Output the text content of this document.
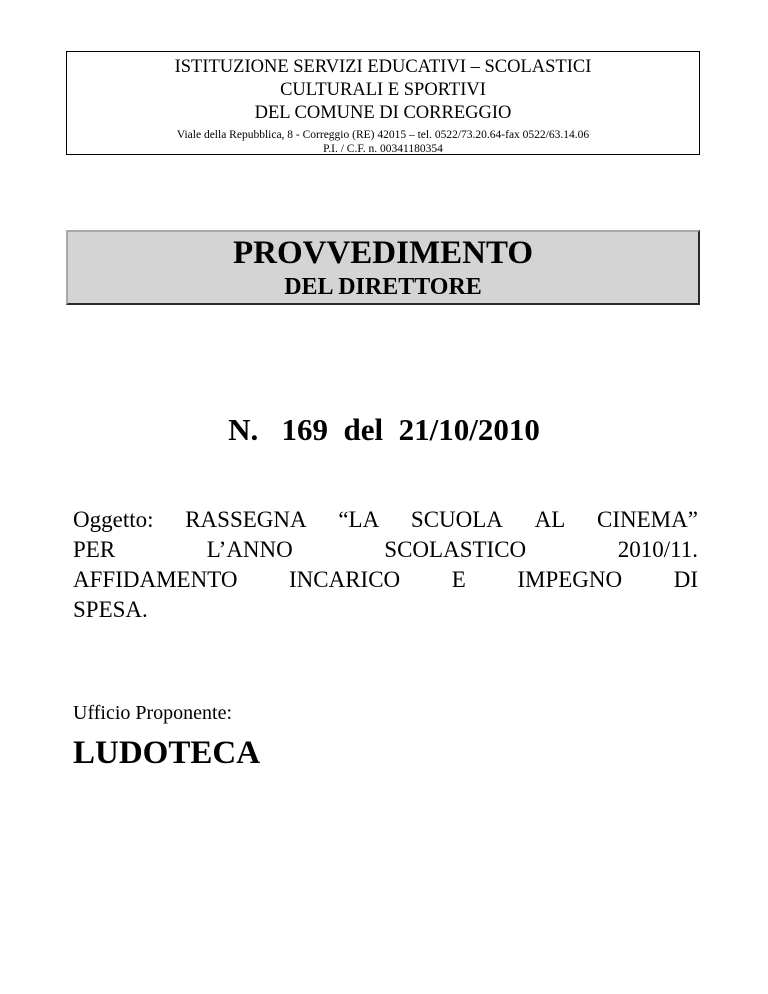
ISTITUZIONE SERVIZI EDUCATIVI – SCOLASTICI
CULTURALI E SPORTIVI
DEL COMUNE DI CORREGGIO
Viale della Repubblica, 8 - Correggio (RE) 42015 – tel. 0522/73.20.64-fax 0522/63.14.06
P.I. / C.F. n. 00341180354
PROVVEDIMENTO
DEL DIRETTORE
N.   169  del  21/10/2010
Oggetto: RASSEGNA “LA SCUOLA AL CINEMA”
PER	L’ANNO	SCOLASTICO	2010/11.
AFFIDAMENTO INCARICO E IMPEGNO DI
SPESA.
Ufficio Proponente:
LUDOTECA
